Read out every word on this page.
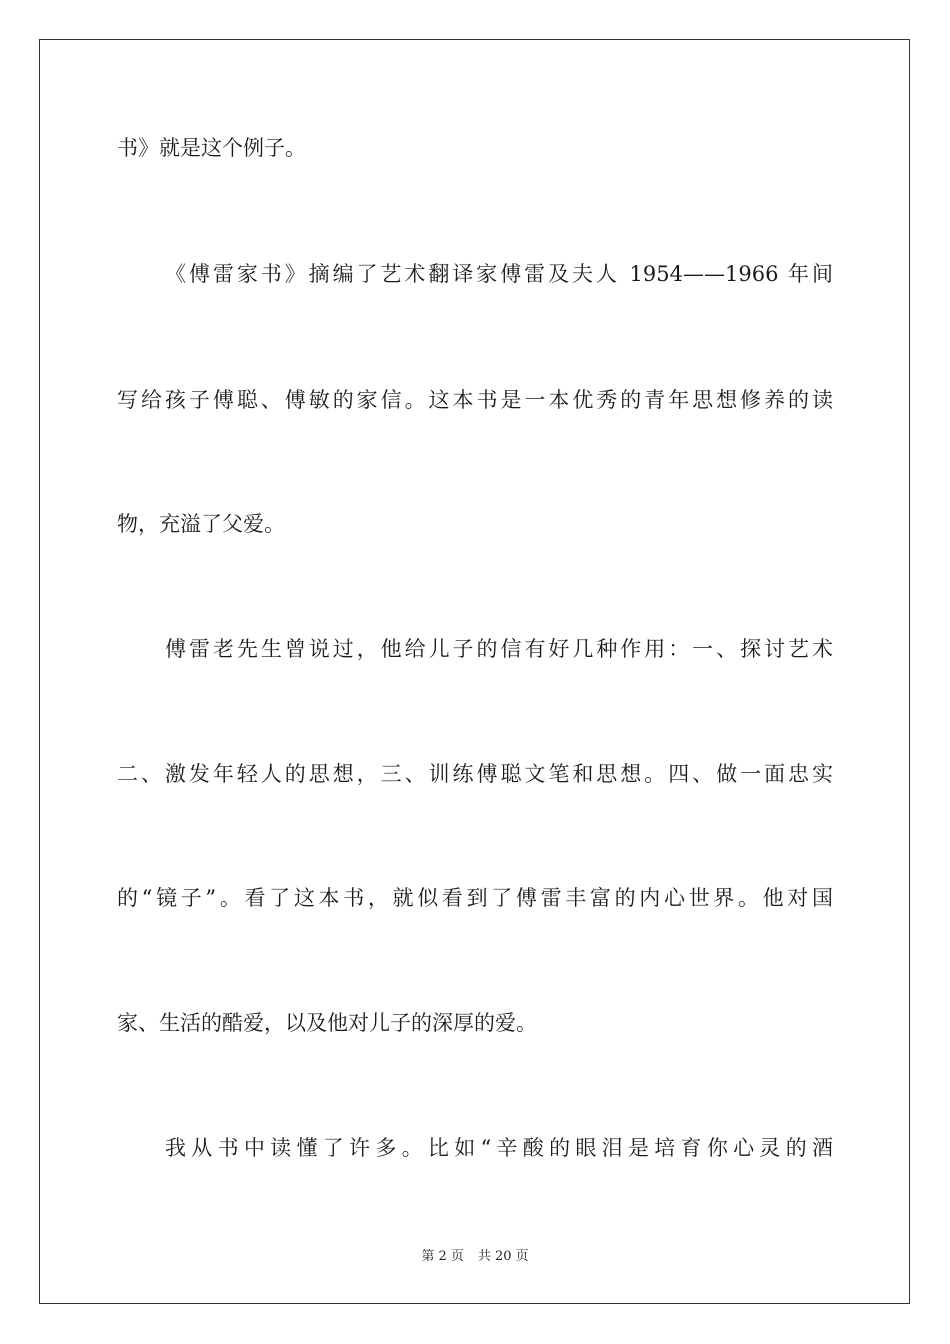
书》就是这个例子。
《傅雷家书》摘编了艺术翻译家傅雷及夫人 1954——1966 年间
写给孩子傅聪、傅敏的家信。这本书是一本优秀的青年思想修养的读
物，充溢了父爱。
傅雷老先生曾说过，他给儿子的信有好几种作用：一、探讨艺术
二、激发年轻人的思想，三、训练傅聪文笔和思想。四、做一面忠实
的“镜子”。看了这本书，就似看到了傅雷丰富的内心世界。他对国
家、生活的酷爱，以及他对儿子的深厚的爱。
我从书中读懂了许多。比如“辛酸的眼泪是培育你心灵的酒
第 2 页 共 20 页
